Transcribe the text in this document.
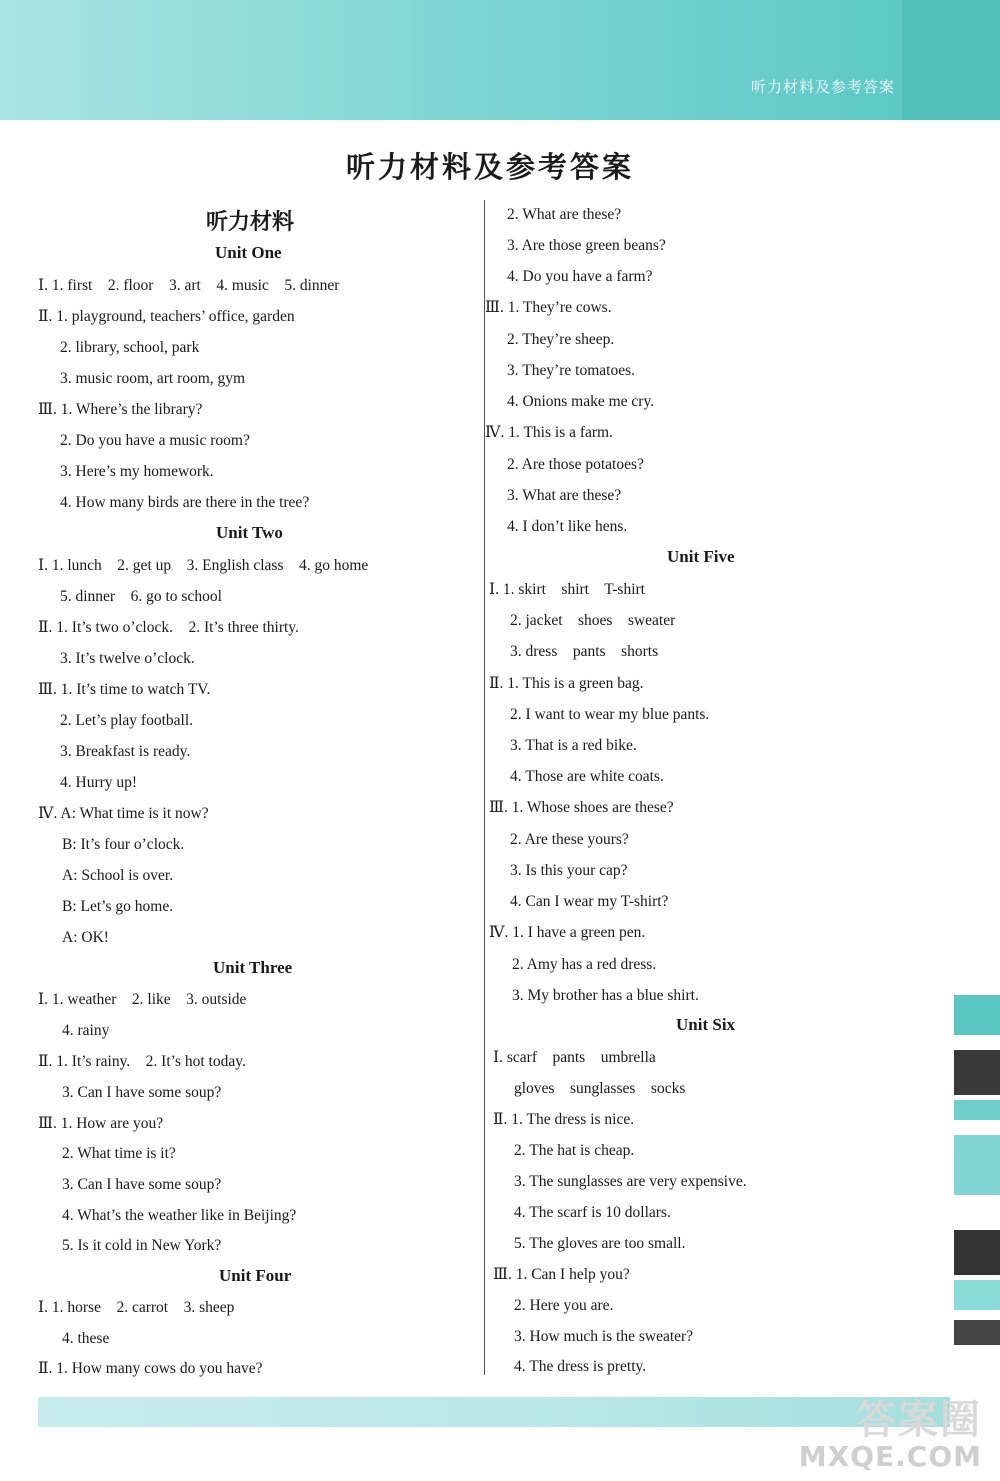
听力材料及参考答案
听力材料及参考答案
听力材料
Unit One
Ⅰ. 1. first    2. floor    3. art    4. music    5. dinner
Ⅱ. 1. playground, teachers’ office, garden
2. library, school, park
3. music room, art room, gym
Ⅲ. 1. Where’s the library?
2. Do you have a music room?
3. Here’s my homework.
4. How many birds are there in the tree?
Unit Two
Ⅰ. 1. lunch    2. get up    3. English class    4. go home
5. dinner    6. go to school
Ⅱ. 1. It’s two o’clock.    2. It’s three thirty.
3. It’s twelve o’clock.
Ⅲ. 1. It’s time to watch TV.
2. Let’s play football.
3. Breakfast is ready.
4. Hurry up!
Ⅳ. A: What time is it now?
B: It’s four o’clock.
A: School is over.
B: Let’s go home.
A: OK!
Unit Three
Ⅰ. 1. weather    2. like    3. outside
4. rainy
Ⅱ. 1. It’s rainy.    2. It’s hot today.
3. Can I have some soup?
Ⅲ. 1. How are you?
2. What time is it?
3. Can I have some soup?
4. What’s the weather like in Beijing?
5. Is it cold in New York?
Unit Four
Ⅰ. 1. horse    2. carrot    3. sheep
4. these
Ⅱ. 1. How many cows do you have?
2. What are these?
3. Are those green beans?
4. Do you have a farm?
Ⅲ. 1. They’re cows.
2. They’re sheep.
3. They’re tomatoes.
4. Onions make me cry.
Ⅳ. 1. This is a farm.
2. Are those potatoes?
3. What are these?
4. I don’t like hens.
Unit Five
Ⅰ. 1. skirt    shirt    T-shirt
2. jacket    shoes    sweater
3. dress    pants    shorts
Ⅱ. 1. This is a green bag.
2. I want to wear my blue pants.
3. That is a red bike.
4. Those are white coats.
Ⅲ. 1. Whose shoes are these?
2. Are these yours?
3. Is this your cap?
4. Can I wear my T-shirt?
Ⅳ. 1. I have a green pen.
2. Amy has a red dress.
3. My brother has a blue shirt.
Unit Six
Ⅰ. scarf    pants    umbrella
gloves    sunglasses    socks
Ⅱ. 1. The dress is nice.
2. The hat is cheap.
3. The sunglasses are very expensive.
4. The scarf is 10 dollars.
5. The gloves are too small.
Ⅲ. 1. Can I help you?
2. Here you are.
3. How much is the sweater?
4. The dress is pretty.
答案圈
MXQE.COM
